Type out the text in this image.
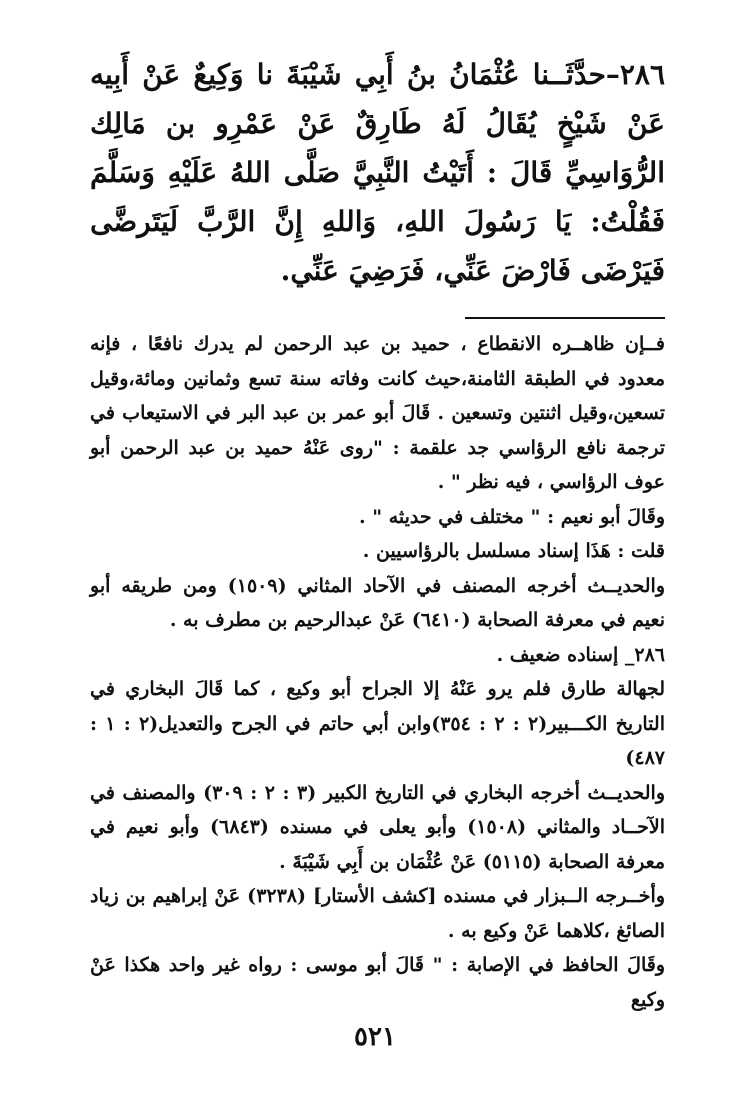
٢٨٦–حدَّثَــنا عُثْمَانُ بنُ أَبِي شَيْبَةَ نا وَكِيعٌ عَنْ أَبِيه عَنْ شَيْخٍ يُقَالُ لَهُ طَارِقٌ عَنْ عَمْرِو بن مَالِك الرُّوَاسِيِّ قَالَ : أَتَيْتُ النَّبِيَّ صَلَّى اللهُ عَلَيْهِ وَسَلَّمَ فَقُلْتُ: يَا رَسُولَ اللهِ، وَاللهِ إِنَّ الرَّبَّ لَيَتَرضَّى فَيَرْضَى فَارْضَ عَنِّي، فَرَضِيَ عَنِّي.

فــإن ظاهــره الانقطاع ، حميد بن عبد الرحمن لم يدرك نافعًا ، فإنه معدود في الطبقة الثامنة،حيث كانت وفاته سنة تسع وثمانين ومائة،وقيل تسعين،وقيل اثنتين وتسعين . قَالَ أبو عمر بن عبد البر في الاستيعاب في ترجمة نافع الرؤاسي جد علقمة : "روى عَنْهُ حميد بن عبد الرحمن أبو عوف الرؤاسي ، فيه نظر " .

وقَالَ أبو نعيم : " مختلف في حديثه " .

قلت : هَذَا إسناد مسلسل بالرؤاسيين .

والحديــث أخرجه المصنف في الآحاد المثاني (١٥٠٩) ومن طريقه أبو نعيم في معرفة الصحابة (٦٤١٠) عَنْ عبدالرحيم بن مطرف به .

٢٨٦_ إسناده ضعيف .

لجهالة طارق فلم يرو عَنْهُ إلا الجراح أبو وكيع ، كما قَالَ البخاري في التاريخ الكـــبير(٢ : ٢ : ٣٥٤)وابن أبي حاتم في الجرح والتعديل(٢ : ١ : ٤٨٧)

والحديــث أخرجه البخاري في التاريخ الكبير (٣ : ٢ : ٣٠٩) والمصنف في الآحــاد والمثاني (١٥٠٨) وأبو يعلى في مسنده (٦٨٤٣) وأبو نعيم في معرفة الصحابة (٥١١٥) عَنْ عُثْمَان بن أَبِي شَيْبَةَ .

وأخــرجه الــبزار في مسنده [كشف الأستار] (٣٢٣٨) عَنْ إبراهيم بن زياد الصائغ ،كلاهما عَنْ وكيع به .

وقَالَ الحافظ في الإصابة : " قَالَ أبو موسى : رواه غير واحد هكذا عَنْ وكيع

٥٢١
